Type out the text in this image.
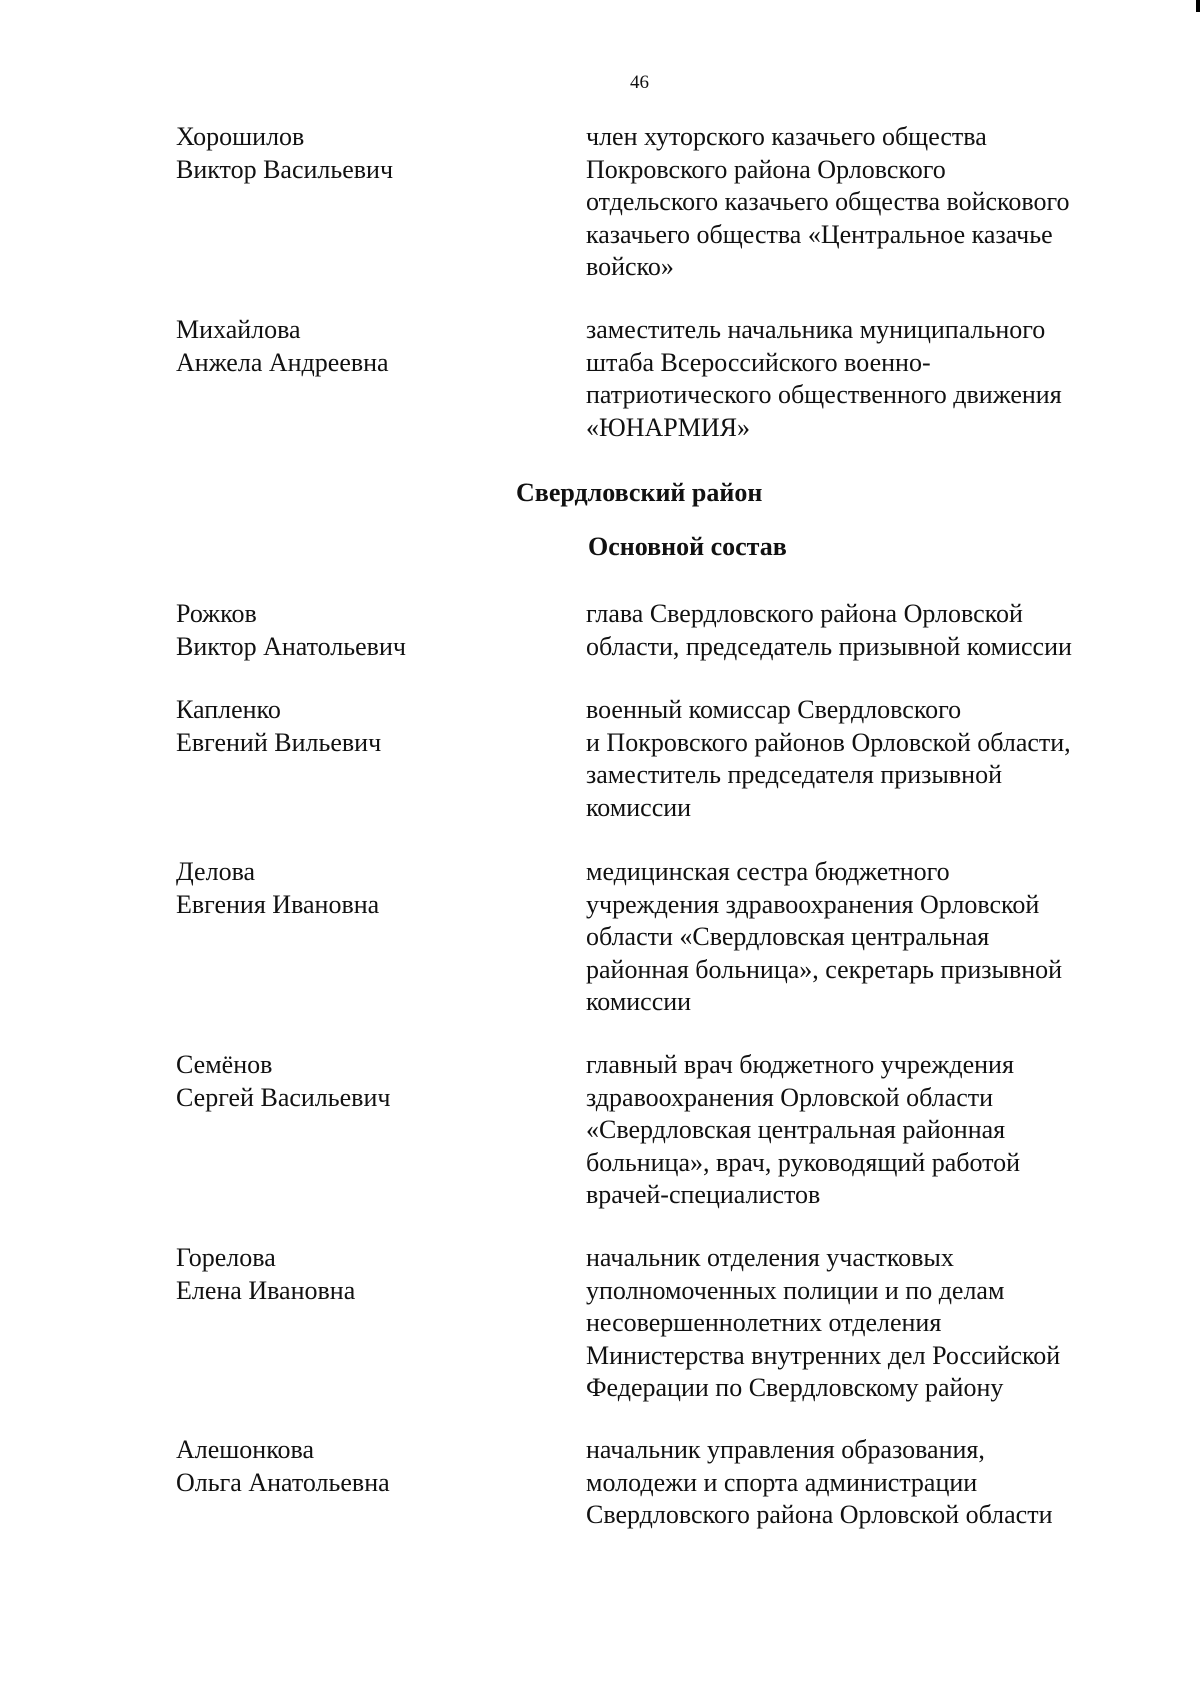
46
Хорошилов
Виктор Васильевич
член хуторского казачьего общества
Покровского района Орловского
отдельского казачьего общества войскового
казачьего общества «Центральное казачье
войско»
Михайлова
Анжела Андреевна
заместитель начальника муниципального
штаба Всероссийского военно-
патриотического общественного движения
«ЮНАРМИЯ»
Свердловский район
Основной состав
Рожков
Виктор Анатольевич
глава Свердловского района Орловской
области, председатель призывной комиссии
Капленко
Евгений Вильевич
военный комиссар Свердловского
и Покровского районов Орловской области,
заместитель председателя призывной
комиссии
Делова
Евгения Ивановна
медицинская сестра бюджетного
учреждения здравоохранения Орловской
области «Свердловская центральная
районная больница», секретарь призывной
комиссии
Семёнов
Сергей Васильевич
главный врач бюджетного учреждения
здравоохранения Орловской области
«Свердловская центральная районная
больница», врач, руководящий работой
врачей-специалистов
Горелова
Елена Ивановна
начальник отделения участковых
уполномоченных полиции и по делам
несовершеннолетних отделения
Министерства внутренних дел Российской
Федерации по Свердловскому району
Алешонкова
Ольга Анатольевна
начальник управления образования,
молодежи и спорта администрации
Свердловского района Орловской области
